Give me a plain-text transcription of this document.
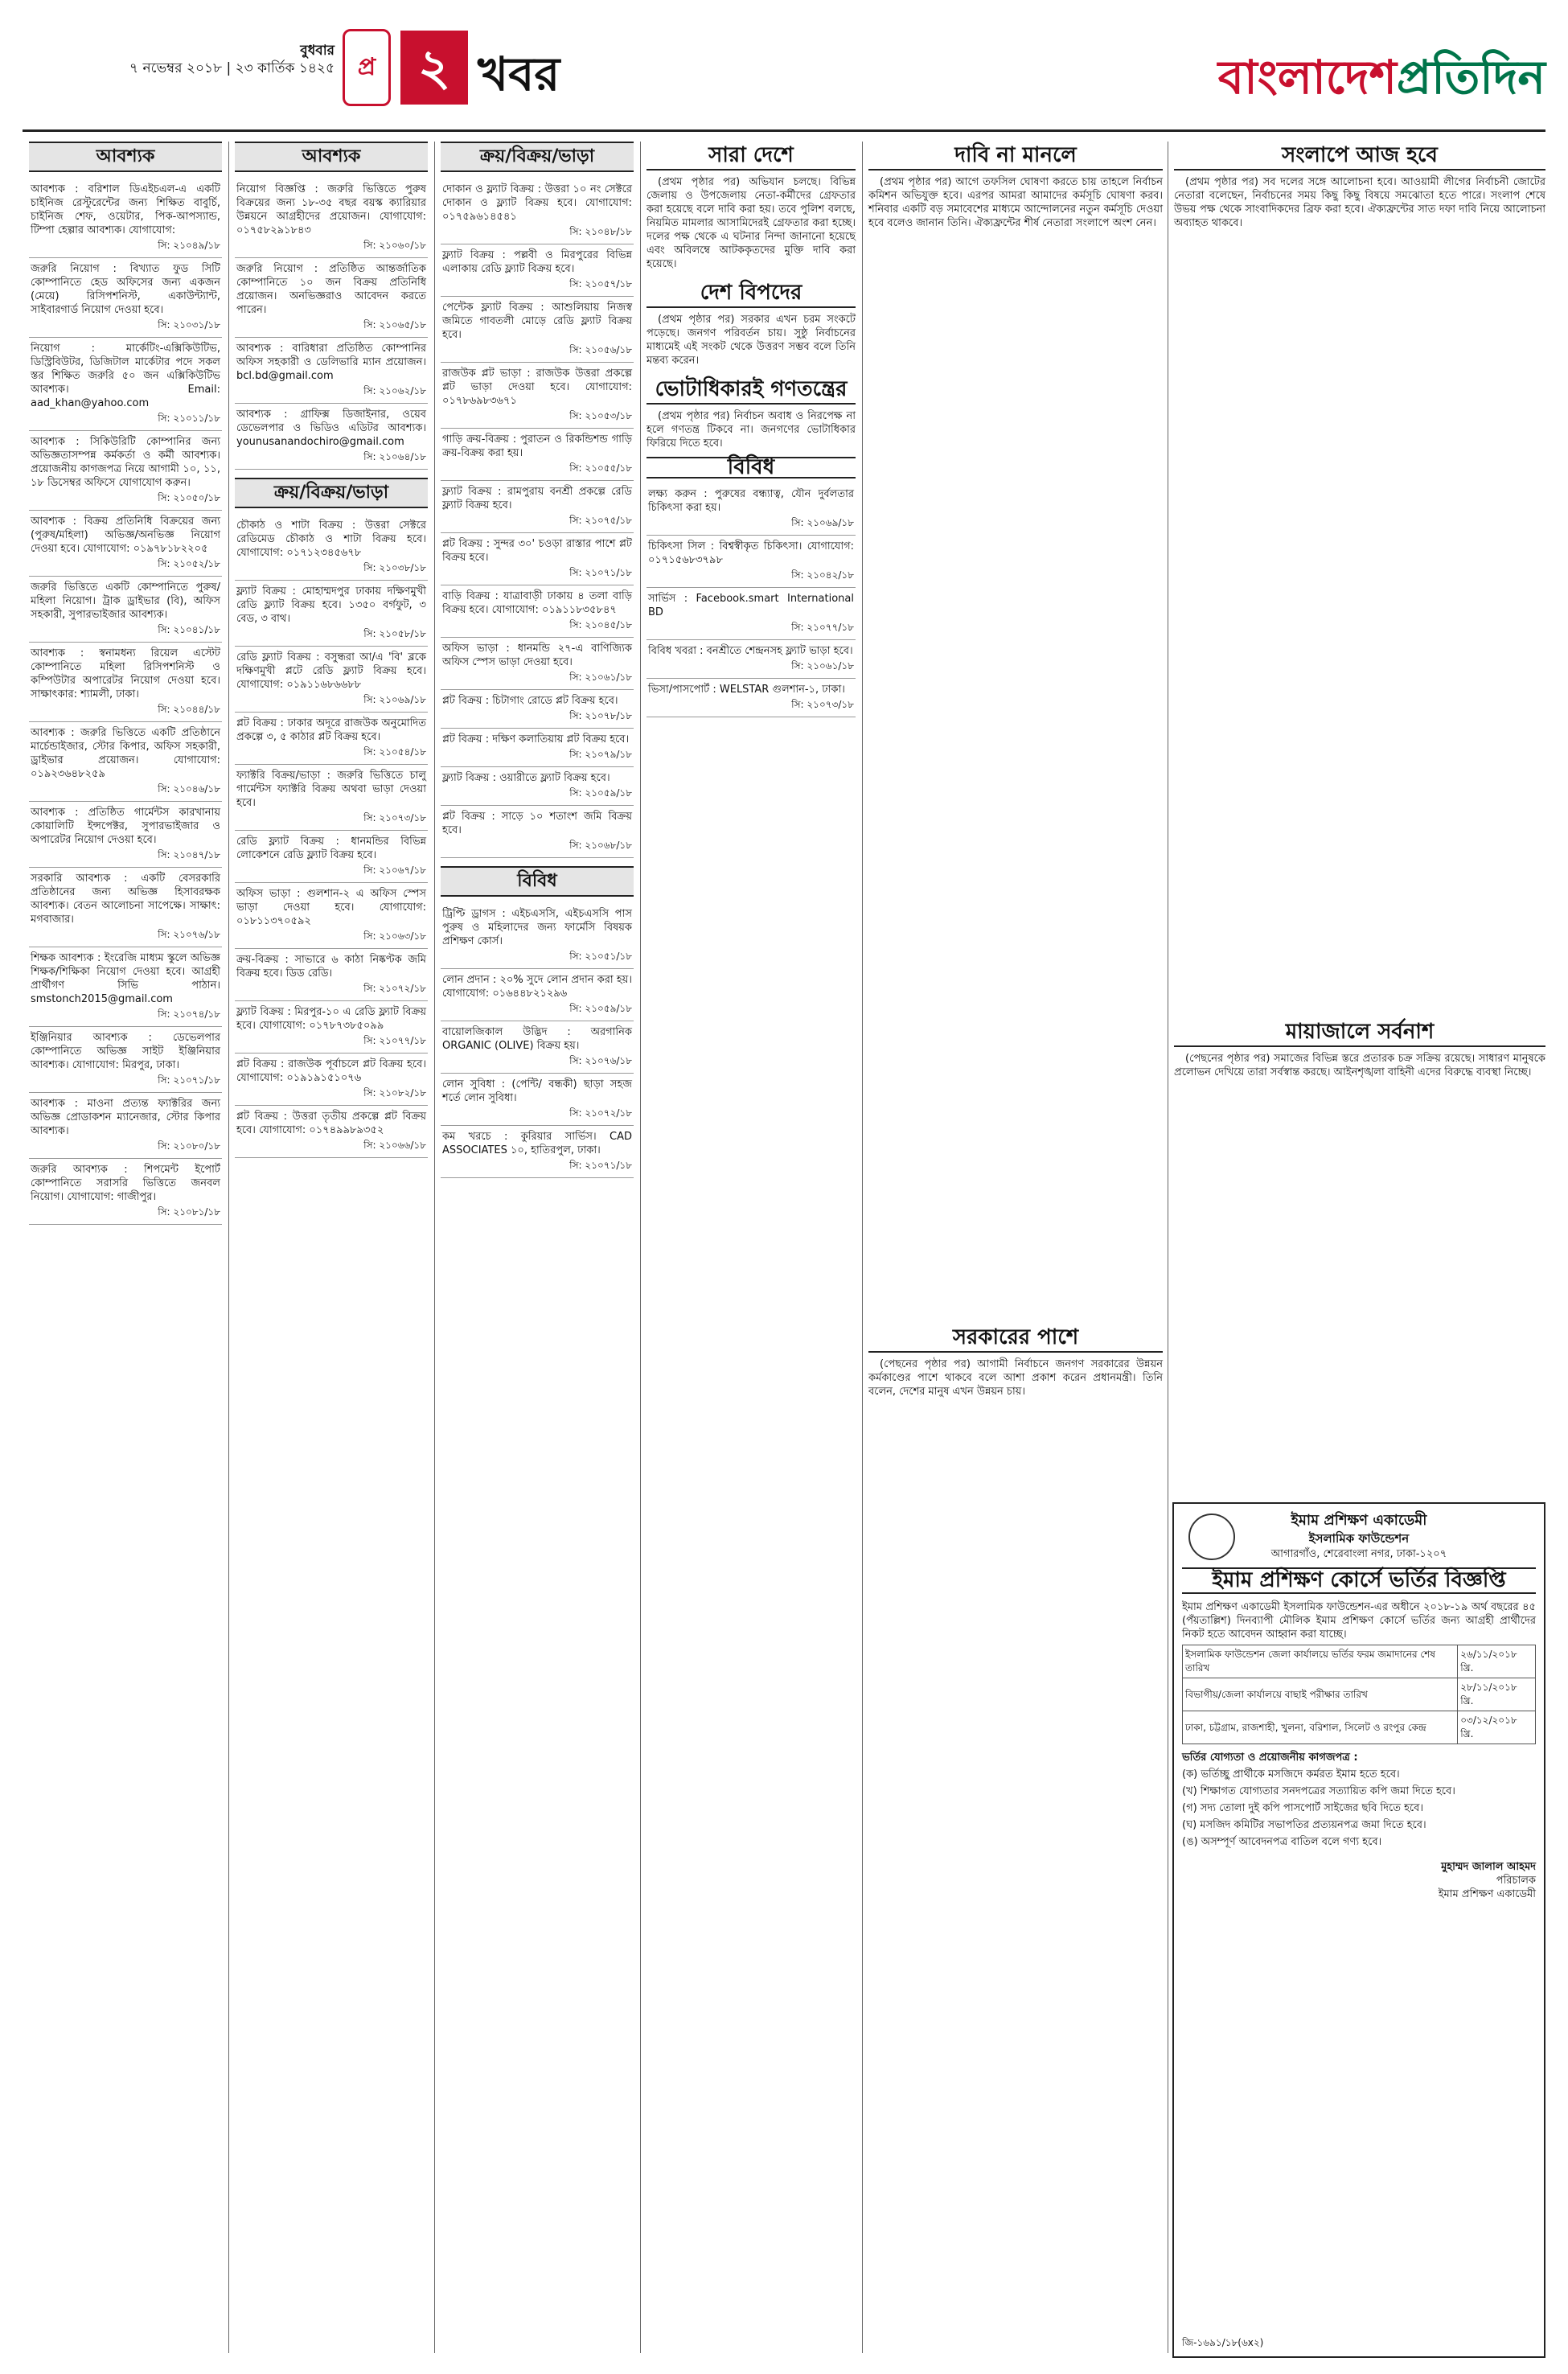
বুধবার
৭ নভেম্বর ২০১৮ | ২৩ কার্তিক ১৪২৫ প্র ২ খবর	বাংলাদেশপ্রতিদিন
আবশ্যক

আবশ্যক : বরিশাল ডিএইচএল-এ একটি চাইনিজ রেস্টুরেন্টের জন্য শিক্ষিত বাবুর্চি, চাইনিজ শেফ, ওয়েটার, পিক-আপস্যান্ড, টিম্পা হেল্পার আবশ্যক। যোগাযোগ:

সি: ২১০৪৯/১৮

জরুরি নিয়োগ : বিখ্যাত ফুড সিটি কোম্পানিতে হেড অফিসের জন্য একজন (মেয়ে) রিসিপশনিস্ট, একাউন্ট্যান্ট, সাইবারগার্ড নিয়োগ দেওয়া হবে।

সি: ২১০৩১/১৮

নিয়োগ : মার্কেটিং-এক্সিকিউটিভ, ডিস্ট্রিবিউটর, ডিজিটাল মার্কেটার পদে সকল স্তর শিক্ষিত জরুরি ৫০ জন এক্সিকিউটিভ আবশ্যক। Email: aad_khan@yahoo.com

সি: ২১০১১/১৮

আবশ্যক : সিকিউরিটি কোম্পানির জন্য অভিজ্ঞতাসম্পন্ন কর্মকর্তা ও কর্মী আবশ্যক। প্রয়োজনীয় কাগজপত্র নিয়ে আগামী ১০, ১১, ১৮ ডিসেম্বর অফিসে যোগাযোগ করুন।

সি: ২১০৫০/১৮

আবশ্যক : বিক্রয় প্রতিনিধি বিক্রয়ের জন্য (পুরুষ/মহিলা) অভিজ্ঞ/অনভিজ্ঞ নিয়োগ দেওয়া হবে। যোগাযোগ: ০১৯৭৮১৮২২০৫

সি: ২১০৫২/১৮

জরুরি ভিত্তিতে একটি কোম্পানিতে পুরুষ/মহিলা নিয়োগ। ট্রাক ড্রাইভার (বি), অফিস সহকারী, সুপারভাইজার আবশ্যক।

সি: ২১০৪১/১৮

আবশ্যক : স্বনামধন্য রিয়েল এস্টেট কোম্পানিতে মহিলা রিসিপশনিস্ট ও কম্পিউটার অপারেটর নিয়োগ দেওয়া হবে। সাক্ষাৎকার: শ্যামলী, ঢাকা।

সি: ২১০৪৪/১৮

আবশ্যক : জরুরি ভিত্তিতে একটি প্রতিষ্ঠানে মার্চেন্ডাইজার, স্টোর কিপার, অফিস সহকারী, ড্রাইভার প্রয়োজন। যোগাযোগ: ০১৯২৩৬৪৮২৫৯

সি: ২১০৪৬/১৮

আবশ্যক : প্রতিষ্ঠিত গার্মেন্টস কারখানায় কোয়ালিটি ইন্সপেক্টর, সুপারভাইজার ও অপারেটর নিয়োগ দেওয়া হবে।

সি: ২১০৪৭/১৮

সরকারি আবশ্যক : একটি বেসরকারি প্রতিষ্ঠানের জন্য অভিজ্ঞ হিসাবরক্ষক আবশ্যক। বেতন আলোচনা সাপেক্ষে। সাক্ষাৎ: মগবাজার।

সি: ২১০৭৬/১৮

শিক্ষক আবশ্যক : ইংরেজি মাধ্যম স্কুলে অভিজ্ঞ শিক্ষক/শিক্ষিকা নিয়োগ দেওয়া হবে। আগ্রহী প্রার্থীগণ সিভি পাঠান। smstonch2015@gmail.com

সি: ২১০৭৪/১৮

ইঞ্জিনিয়ার আবশ্যক : ডেভেলপার কোম্পানিতে অভিজ্ঞ সাইট ইঞ্জিনিয়ার আবশ্যক। যোগাযোগ: মিরপুর, ঢাকা।

সি: ২১০৭১/১৮

আবশ্যক : মাওনা প্রত্যন্ত ফ্যাক্টরির জন্য অভিজ্ঞ প্রোডাকশন ম্যানেজার, স্টোর কিপার আবশ্যক।

সি: ২১০৮০/১৮

জরুরি আবশ্যক : শিপমেন্ট ইপোর্ট কোম্পানিতে সরাসরি ভিত্তিতে জনবল নিয়োগ। যোগাযোগ: গাজীপুর।

সি: ২১০৮১/১৮
আবশ্যক

নিয়োগ বিজ্ঞপ্তি : জরুরি ভিত্তিতে পুরুষ বিক্রয়ের জন্য ১৮-৩৫ বছর বয়স্ক ক্যারিয়ার উন্নয়নে আগ্রহীদের প্রয়োজন। যোগাযোগ: ০১৭৫৮২৯১৮৪৩

সি: ২১০৬০/১৮

জরুরি নিয়োগ : প্রতিষ্ঠিত আন্তর্জাতিক কোম্পানিতে ১০ জন বিক্রয় প্রতিনিধি প্রয়োজন। অনভিজ্ঞরাও আবেদন করতে পারেন।

সি: ২১০৬৫/১৮

আবশ্যক : বারিধারা প্রতিষ্ঠিত কোম্পানির অফিস সহকারী ও ডেলিভারি ম্যান প্রয়োজন। bcl.bd@gmail.com

সি: ২১০৬২/১৮

আবশ্যক : গ্রাফিক্স ডিজাইনার, ওয়েব ডেভেলপার ও ভিডিও এডিটর আবশ্যক। younusanandochiro@gmail.com

সি: ২১০৬৪/১৮
ক্রয়/বিক্রয়/ভাড়া

চৌকাঠ ও শাটা বিক্রয় : উত্তরা সেক্টরে রেডিমেড চৌকাঠ ও শাটা বিক্রয় হবে। যোগাযোগ: ০১৭১২৩৪৫৬৭৮

সি: ২১০৩৮/১৮

ফ্ল্যাট বিক্রয় : মোহাম্মদপুর ঢাকায় দক্ষিণমুখী রেডি ফ্ল্যাট বিক্রয় হবে। ১৩৫০ বর্গফুট, ৩ বেড, ৩ বাথ।

সি: ২১০৫৮/১৮

রেডি ফ্ল্যাট বিক্রয় : বসুন্ধরা আ/এ 'বি' ব্লকে দক্ষিণমুখী প্লটে রেডি ফ্ল্যাট বিক্রয় হবে। যোগাযোগ: ০১৯১১৬৮৬৬৮৮

সি: ২১০৬৯/১৮

প্লট বিক্রয় : ঢাকার অদূরে রাজউক অনুমোদিত প্রকল্পে ৩, ৫ কাঠার প্লট বিক্রয় হবে।

সি: ২১০৫৪/১৮

ফ্যাক্টরি বিক্রয়/ভাড়া : জরুরি ভিত্তিতে চালু গার্মেন্টস ফ্যাক্টরি বিক্রয় অথবা ভাড়া দেওয়া হবে।

সি: ২১০৭৩/১৮

রেডি ফ্ল্যাট বিক্রয় : ধানমন্ডির বিভিন্ন লোকেশনে রেডি ফ্ল্যাট বিক্রয় হবে।

সি: ২১০৬৭/১৮

অফিস ভাড়া : গুলশান-২ এ অফিস স্পেস ভাড়া দেওয়া হবে। যোগাযোগ: ০১৮১১৩৭০৫৯২

সি: ২১০৬৩/১৮

ক্রয়-বিক্রয় : সাভারে ৬ কাঠা নিষ্কণ্টক জমি বিক্রয় হবে। ডিড রেডি।

সি: ২১০৭২/১৮

ফ্ল্যাট বিক্রয় : মিরপুর-১০ এ রেডি ফ্ল্যাট বিক্রয় হবে। যোগাযোগ: ০১৭৮৭৩৮৫০৯৯

সি: ২১০৭৭/১৮

প্লট বিক্রয় : রাজউক পূর্বাচলে প্লট বিক্রয় হবে। যোগাযোগ: ০১৯১৯১৫১০৭৬

সি: ২১০৮২/১৮

প্লট বিক্রয় : উত্তরা তৃতীয় প্রকল্পে প্লট বিক্রয় হবে। যোগাযোগ: ০১৭৪৯৯৮৯৩৫২

সি: ২১০৬৬/১৮
ক্রয়/বিক্রয়/ভাড়া

দোকান ও ফ্ল্যাট বিক্রয় : উত্তরা ১০ নং সেক্টরে দোকান ও ফ্ল্যাট বিক্রয় হবে। যোগাযোগ: ০১৭৫৯৬১৪৫৪১

সি: ২১০৪৮/১৮

ফ্ল্যাট বিক্রয় : পল্লবী ও মিরপুরের বিভিন্ন এলাকায় রেডি ফ্ল্যাট বিক্রয় হবে।

সি: ২১০৫৭/১৮

পেন্টেক ফ্ল্যাট বিক্রয় : আশুলিয়ায় নিজস্ব জমিতে গাবতলী মোড়ে রেডি ফ্ল্যাট বিক্রয় হবে।

সি: ২১০৫৬/১৮

রাজউক প্লট ভাড়া : রাজউক উত্তরা প্রকল্পে প্লট ভাড়া দেওয়া হবে। যোগাযোগ: ০১৭৮৬৯৮৩৬৭১

সি: ২১০৫৩/১৮

গাড়ি ক্রয়-বিক্রয় : পুরাতন ও রিকন্ডিশন্ড গাড়ি ক্রয়-বিক্রয় করা হয়।

সি: ২১০৫৫/১৮

ফ্ল্যাট বিক্রয় : রামপুরায় বনশ্রী প্রকল্পে রেডি ফ্ল্যাট বিক্রয় হবে।

সি: ২১০৭৫/১৮

প্লট বিক্রয় : সুন্দর ৩০' চওড়া রাস্তার পাশে প্লট বিক্রয় হবে।

সি: ২১০৭১/১৮

বাড়ি বিক্রয় : যাত্রাবাড়ী ঢাকায় ৪ তলা বাড়ি বিক্রয় হবে। যোগাযোগ: ০১৯১১৮৩৫৮৪৭

সি: ২১০৪৫/১৮

অফিস ভাড়া : ধানমন্ডি ২৭-এ বাণিজ্যিক অফিস স্পেস ভাড়া দেওয়া হবে।

সি: ২১০৬১/১৮

প্লট বিক্রয় : চিটাগাং রোডে প্লট বিক্রয় হবে।

সি: ২১০৭৮/১৮

প্লট বিক্রয় : দক্ষিণ কলাতিয়ায় প্লট বিক্রয় হবে।

সি: ২১০৭৯/১৮

ফ্ল্যাট বিক্রয় : ওয়ারীতে ফ্ল্যাট বিক্রয় হবে।

সি: ২১০৫৯/১৮

প্লট বিক্রয় : সাড়ে ১০ শতাংশ জমি বিক্রয় হবে।

সি: ২১০৬৮/১৮
বিবিধ

ট্রিপ্টি ড্রাগস : এইচএসসি, এইচএসসি পাস পুরুষ ও মহিলাদের জন্য ফার্মেসি বিষয়ক প্রশিক্ষণ কোর্স।

সি: ২১০৫১/১৮

লোন প্রদান : ২০% সুদে লোন প্রদান করা হয়। যোগাযোগ: ০১৬৪৪৮২১২৯৬

সি: ২১০৫৯/১৮

বায়োলজিকাল উদ্ভিদ : অরগানিক ORGANIC (OLIVE) বিক্রয় হয়।

সি: ২১০৭৬/১৮

লোন সুবিধা : (পেন্টি/ বন্ধকী) ছাড়া সহজ শর্তে লোন সুবিধা।

সি: ২১০৭২/১৮

কম খরচে : কুরিয়ার সার্ভিস। CAD ASSOCIATES ১০, হাতিরপুল, ঢাকা।

সি: ২১০৭১/১৮
সারা দেশে

(প্রথম পৃষ্ঠার পর) অভিযান চলছে। বিভিন্ন জেলায় ও উপজেলায় নেতা-কর্মীদের গ্রেফতার করা হয়েছে বলে দাবি করা হয়। তবে পুলিশ বলছে, নিয়মিত মামলার আসামিদেরই গ্রেফতার করা হচ্ছে। দলের পক্ষ থেকে এ ঘটনার নিন্দা জানানো হয়েছে এবং অবিলম্বে আটককৃতদের মুক্তি দাবি করা হয়েছে।

দেশ বিপদের

(প্রথম পৃষ্ঠার পর) সরকার এখন চরম সংকটে পড়েছে। জনগণ পরিবর্তন চায়। সুষ্ঠু নির্বাচনের মাধ্যমেই এই সংকট থেকে উত্তরণ সম্ভব বলে তিনি মন্তব্য করেন।

ভোটাধিকারই গণতন্ত্রের

(প্রথম পৃষ্ঠার পর) নির্বাচন অবাধ ও নিরপেক্ষ না হলে গণতন্ত্র টিকবে না। জনগণের ভোটাধিকার ফিরিয়ে দিতে হবে।

বিবিধ

লক্ষ্য করুন : পুরুষের বন্ধ্যাত্ব, যৌন দুর্বলতার চিকিৎসা করা হয়।

সি: ২১০৬৯/১৮

চিকিৎসা সিল : বিশ্বস্বীকৃত চিকিৎসা। যোগাযোগ: ০১৭১৫৬৮৩৭৯৮

সি: ২১০৪২/১৮

সার্ভিস : Facebook.smart International BD

সি: ২১০৭৭/১৮

বিবিধ খবরা : বনশ্রীতে শেন্দ্ৰনসহ ফ্ল্যাট ভাড়া হবে।

সি: ২১০৬১/১৮

ভিসা/পাসপোর্ট : WELSTAR গুলশান-১, ঢাকা।

সি: ২১০৭৩/১৮
দাবি না মানলে

(প্রথম পৃষ্ঠার পর) আগে তফসিল ঘোষণা করতে চায় তাহলে নির্বাচন কমিশন অভিযুক্ত হবে। এরপর আমরা আমাদের কর্মসূচি ঘোষণা করব। শনিবার একটি বড় সমাবেশের মাধ্যমে আন্দোলনের নতুন কর্মসূচি দেওয়া হবে বলেও জানান তিনি। ঐক্যফ্রন্টের শীর্ষ নেতারা সংলাপে অংশ নেন।

সরকারের পাশে

(পেছনের পৃষ্ঠার পর) আগামী নির্বাচনে জনগণ সরকারের উন্নয়ন কর্মকাণ্ডের পাশে থাকবে বলে আশা প্রকাশ করেন প্রধানমন্ত্রী। তিনি বলেন, দেশের মানুষ এখন উন্নয়ন চায়।

সংলাপে আজ হবে

(প্রথম পৃষ্ঠার পর) সব দলের সঙ্গে আলোচনা হবে। আওয়ামী লীগের নির্বাচনী জোটের নেতারা বলেছেন, নির্বাচনের সময় কিছু কিছু বিষয়ে সমঝোতা হতে পারে। সংলাপ শেষে উভয় পক্ষ থেকে সাংবাদিকদের ব্রিফ করা হবে। ঐক্যফ্রন্টের সাত দফা দাবি নিয়ে আলোচনা অব্যাহত থাকবে।

মায়াজালে সর্বনাশ

(পেছনের পৃষ্ঠার পর) সমাজের বিভিন্ন স্তরে প্রতারক চক্র সক্রিয় রয়েছে। সাধারণ মানুষকে প্রলোভন দেখিয়ে তারা সর্বস্বান্ত করছে। আইনশৃঙ্খলা বাহিনী এদের বিরুদ্ধে ব্যবস্থা নিচ্ছে।

ইমাম প্রশিক্ষণ একাডেমী
ইসলামিক ফাউন্ডেশন
আগারগাঁও, শেরেবাংলা নগর, ঢাকা-১২০৭
ইমাম প্রশিক্ষণ কোর্সে ভর্তির বিজ্ঞপ্তি

ইমাম প্রশিক্ষণ একাডেমী ইসলামিক ফাউন্ডেশন-এর অধীনে ২০১৮-১৯ অর্থ বছরের ৪৫ (পঁয়তাল্লিশ) দিনব্যাপী মৌলিক ইমাম প্রশিক্ষণ কোর্সে ভর্তির জন্য আগ্রহী প্রার্থীদের নিকট হতে আবেদন আহ্বান করা যাচ্ছে।

ইসলামিক ফাউন্ডেশন জেলা কার্যালয়ে ভর্তির ফরম জমাদানের শেষ তারিখ	২৬/১১/২০১৮ খ্রি.
বিভাগীয়/জেলা কার্যালয়ে বাছাই পরীক্ষার তারিখ	২৮/১১/২০১৮ খ্রি.
ঢাকা, চট্টগ্রাম, রাজশাহী, খুলনা, বরিশাল, সিলেট ও রংপুর কেন্দ্র	০৩/১২/২০১৮ খ্রি.

ভর্তির যোগ্যতা ও প্রয়োজনীয় কাগজপত্র :

(ক) ভর্তিচ্ছু প্রার্থীকে মসজিদে কর্মরত ইমাম হতে হবে।

(খ) শিক্ষাগত যোগ্যতার সনদপত্রের সত্যায়িত কপি জমা দিতে হবে।

(গ) সদ্য তোলা দুই কপি পাসপোর্ট সাইজের ছবি দিতে হবে।

(ঘ) মসজিদ কমিটির সভাপতির প্রত্যয়নপত্র জমা দিতে হবে।

(ঙ) অসম্পূর্ণ আবেদনপত্র বাতিল বলে গণ্য হবে।

মুহাম্মদ জালাল আহমদ
পরিচালক
ইমাম প্রশিক্ষণ একাডেমী
জি-১৬৯১/১৮(৬x২)
